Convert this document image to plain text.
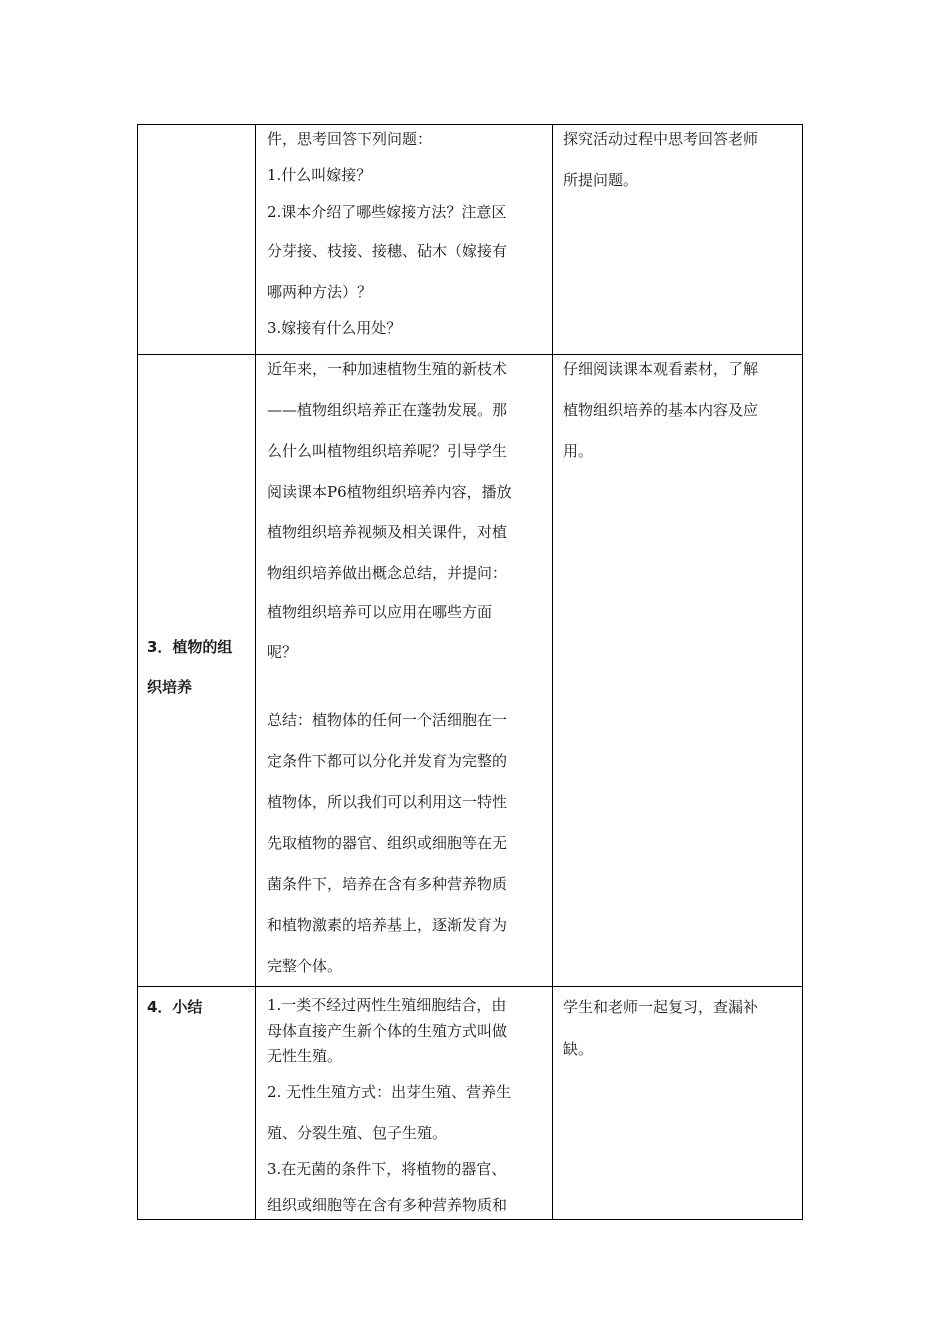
件，思考回答下列问题：
1.什么叫嫁接？
2.课本介绍了哪些嫁接方法？注意区
分芽接、枝接、接穗、砧木（嫁接有
哪两种方法）？
3.嫁接有什么用处？
探究活动过程中思考回答老师
所提问题。
3．植物的组
织培养
近年来，一种加速植物生殖的新枝术
——植物组织培养正在蓬勃发展。那
么什么叫植物组织培养呢？引导学生
阅读课本P6植物组织培养内容，播放
植物组织培养视频及相关课件，对植
物组织培养做出概念总结，并提问：
植物组织培养可以应用在哪些方面
呢？
总结：植物体的任何一个活细胞在一
定条件下都可以分化并发育为完整的
植物体，所以我们可以利用这一特性
先取植物的器官、组织或细胞等在无
菌条件下，培养在含有多种营养物质
和植物激素的培养基上，逐渐发育为
完整个体。
仔细阅读课本观看素材，了解
植物组织培养的基本内容及应
用。
4．小结	1.一类不经过两性生殖细胞结合，由
母体直接产生新个体的生殖方式叫做
无性生殖。
2. 无性生殖方式：出芽生殖、营养生
殖、分裂生殖、包子生殖。
3.在无菌的条件下，将植物的器官、
组织或细胞等在含有多种营养物质和
学生和老师一起复习，查漏补
缺。
